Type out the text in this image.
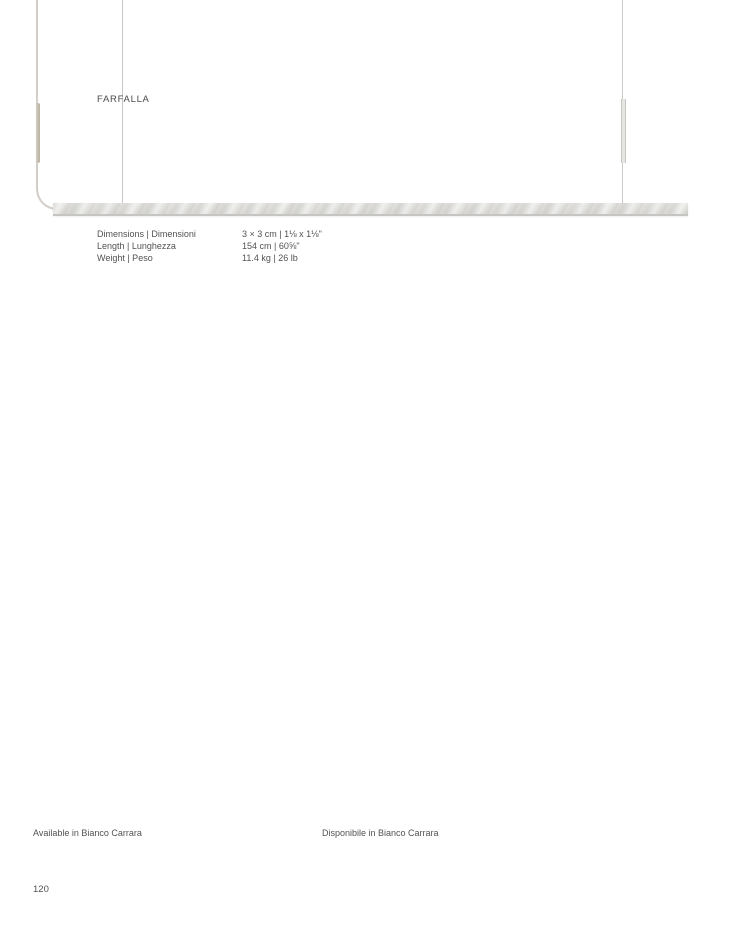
FARFALLA
Dimensions | Dimensioni	3 × 3 cm | 1⅛ x 1⅛"
Length | Lunghezza	154 cm | 60⅝"
Weight | Peso	11.4 kg | 26 lb
Available in Bianco Carrara	Disponibile in Bianco Carrara
120
